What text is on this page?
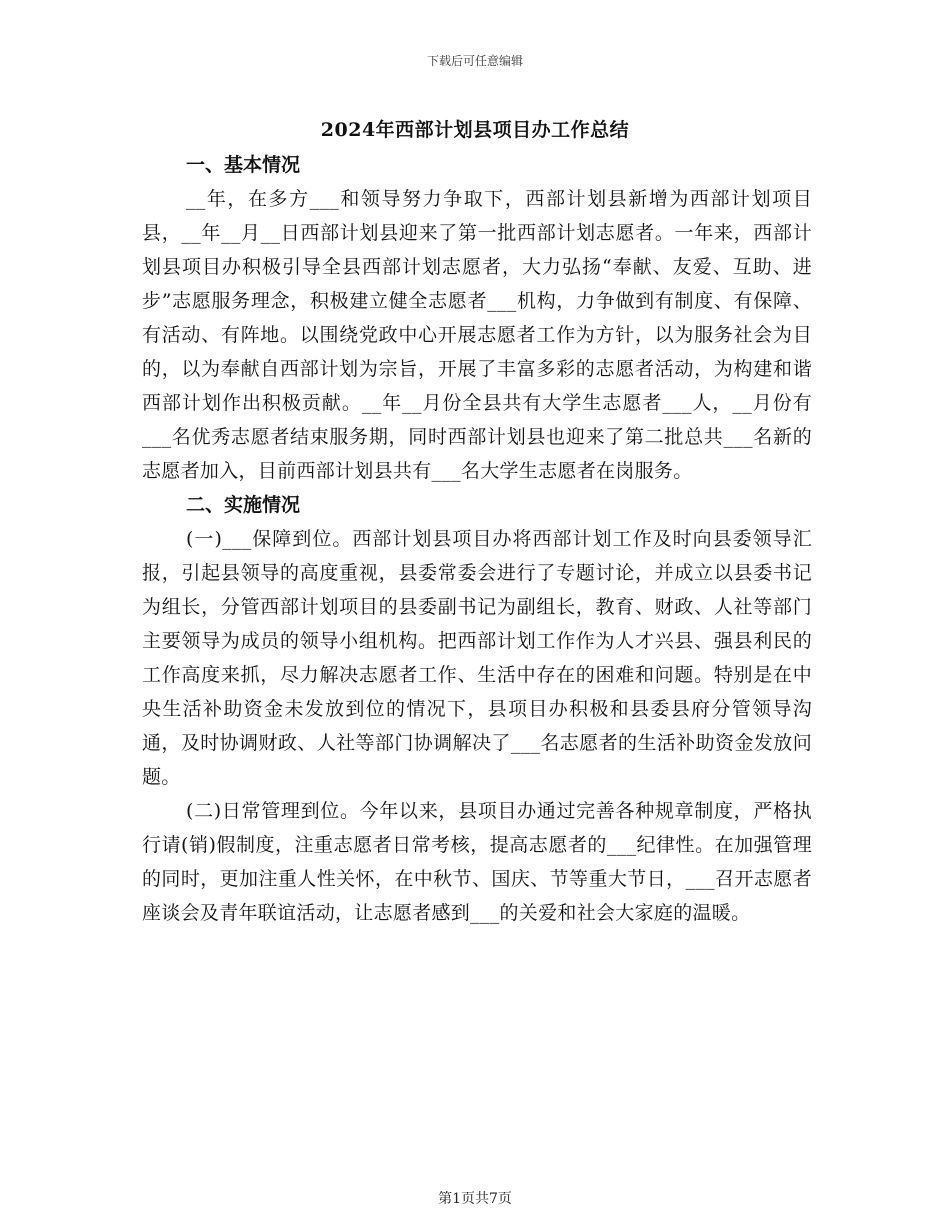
下载后可任意编辑
2024年西部计划县项目办工作总结
一、基本情况

__年，在多方___和领导努力争取下，西部计划县新增为西部计划项目县，__年__月__日西部计划县迎来了第一批西部计划志愿者。一年来，西部计划县项目办积极引导全县西部计划志愿者，大力弘扬“奉献、友爱、互助、进步”志愿服务理念，积极建立健全志愿者___机构，力争做到有制度、有保障、有活动、有阵地。以围绕党政中心开展志愿者工作为方针，以为服务社会为目的，以为奉献自西部计划为宗旨，开展了丰富多彩的志愿者活动，为构建和谐西部计划作出积极贡献。__年__月份全县共有大学生志愿者___人，__月份有___名优秀志愿者结束服务期，同时西部计划县也迎来了第二批总共___名新的志愿者加入，目前西部计划县共有___名大学生志愿者在岗服务。

二、实施情况

(一)___保障到位。西部计划县项目办将西部计划工作及时向县委领导汇报，引起县领导的高度重视，县委常委会进行了专题讨论，并成立以县委书记为组长，分管西部计划项目的县委副书记为副组长，教育、财政、人社等部门主要领导为成员的领导小组机构。把西部计划工作作为人才兴县、强县利民的工作高度来抓，尽力解决志愿者工作、生活中存在的困难和问题。特别是在中央生活补助资金未发放到位的情况下，县项目办积极和县委县府分管领导沟通，及时协调财政、人社等部门协调解决了___名志愿者的生活补助资金发放问题。

(二)日常管理到位。今年以来，县项目办通过完善各种规章制度，严格执行请(销)假制度，注重志愿者日常考核，提高志愿者的___纪律性。在加强管理的同时，更加注重人性关怀，在中秋节、国庆、节等重大节日，___召开志愿者座谈会及青年联谊活动，让志愿者感到___的关爱和社会大家庭的温暖。

第1页共7页
